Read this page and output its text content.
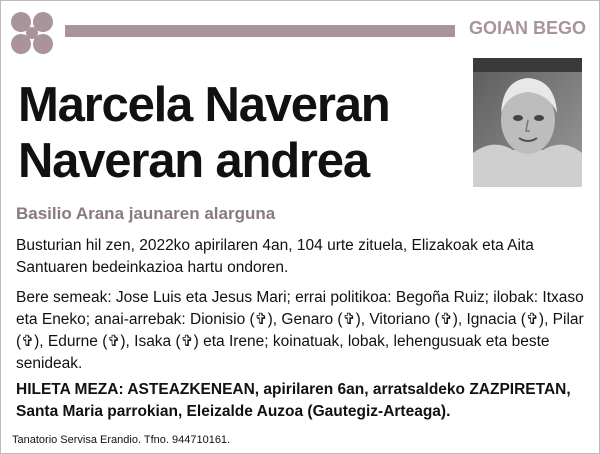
GOIAN BEGO
Marcela Naveran
Naveran andrea
Basilio Arana jaunaren alarguna
Busturian hil zen, 2022ko apirilaren 4an, 104 urte zituela, Elizakoak eta Aita Santuaren bedeinkazioa hartu ondoren.
Bere semeak: Jose Luis eta Jesus Mari; errai politikoa: Begoña Ruiz; ilobak: Itxaso eta Eneko; anai-arrebak: Dionisio (✞), Genaro (✞), Vitoriano (✞), Ignacia (✞), Pilar (✞), Edurne (✞), Isaka (✞) eta Irene; koinatuak, lobak, lehengusuak eta beste senideak.
HILETA MEZA: ASTEAZKENEAN, apirilaren 6an, arratsaldeko ZAZPIRETAN, Santa Maria parrokian, Eleizalde Auzoa (Gautegiz-Arteaga).
Tanatorio Servisa Erandio. Tfno. 944710161.
